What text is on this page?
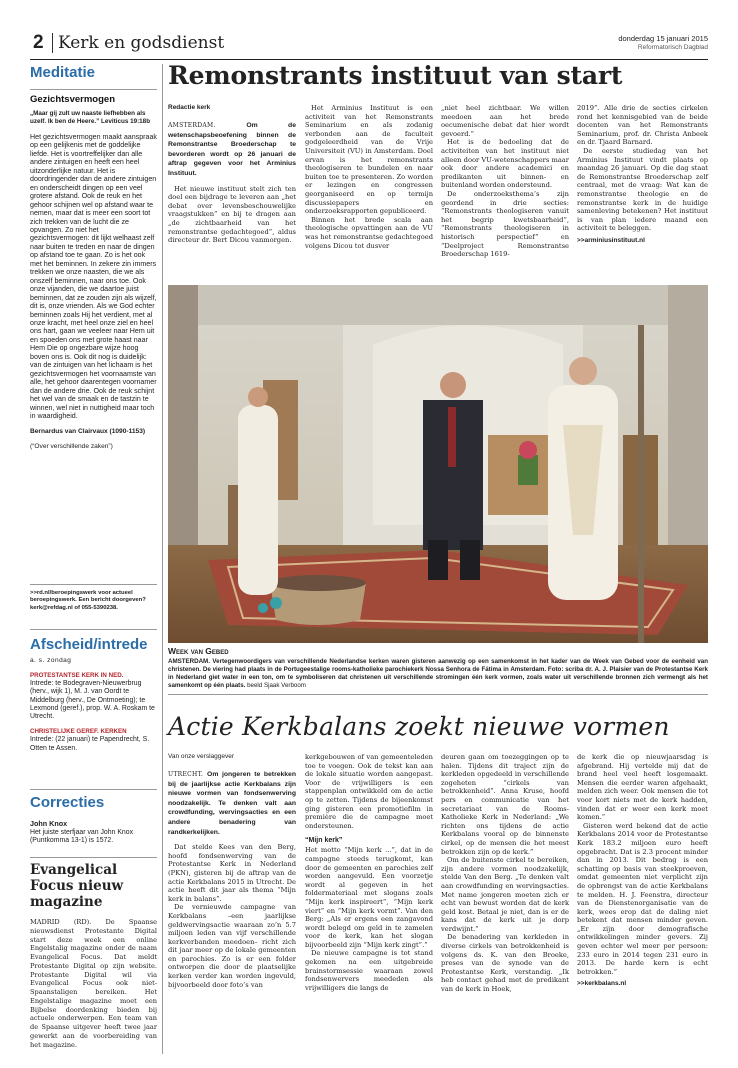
2 Kerk en godsdienst	donderdag 15 januari 2015
Reformatorisch Dagblad
Meditatie
Gezichtsvermogen
„Maar gij zult uw naaste liefhebben als uzelf. Ik ben de Heere.” Leviticus 19:18b
Het gezichtsvermogen maakt aanspraak op een gelijkenis met de goddelijke liefde. Het is voortreffelijker dan alle andere zintuigen en heeft een heel uitzonderlijke natuur. Het is doordringender dan de andere zintuigen en onderscheidt dingen op een veel grotere afstand. Ook de reuk en het gehoor schijnen wel op afstand waar te nemen, maar dat is meer een soort tot zich trekken van de lucht die ze opvangen. Zo niet het gezichtsvermogen: dit lijkt welhaast zelf naar buiten te treden en naar de dingen op afstand toe te gaan. Zo is het ook met het beminnen. In zekere zin immers trekken we onze naasten, die we als onszelf beminnen, naar ons toe. Ook onze vijanden, die we daartoe juist beminnen, dat ze zouden zijn als wijzelf, dit is, onze vrienden. Als we God echter beminnen zoals Hij het verdient, met al onze kracht, met heel onze ziel en heel ons hart, gaan we veeleer naar Hem uit en spoeden ons met grote haast naar Hem Die op ongezbare wijze hoog boven ons is. Ook dit nog is duidelijk: van de zintuigen van het lichaam is het gezichtsvermogen het voornaamste van alle, het gehoor daarentegen voornamer dan de andere drie. Ook de reuk schijnt het wel van de smaak en de tastzin te winnen, wel niet in nuttigheid maar toch in waardigheid.
Bernardus van Clairvaux (1090-1153)
(“Over verschillende zaken”)
>>rd.nl/beroepingswerk voor actueel beroepingswerk. Een bericht doorgeven? kerk@refdag.nl of 055-5390238.
Afscheid/intrede
a. s. zondag
PROTESTANTSE KERK IN NED.
Intrede: te Bodegraven-Nieuwerbrug (herv., wijk 1), M. J. van Oordt te Middelburg (herv., De Ontmoeting); te Lexmond (geref.), prop. W. A. Roskam te Utrecht.
CHRISTELIJKE GEREF. KERKEN
Intrede: (22 januari) te Papendrecht, S. Otten te Assen.
Correcties
John Knox
Het juiste sterfjaar van John Knox (Puntkomma 13-1) is 1572.
Evangelical Focus nieuw magazine
MADRID (RD). De Spaanse nieuwsdienst Protestante Digital start deze week een online Engelstalig magazine onder de naam Evangelical Focus. Dat meldt Protestante Digital op zijn website. Protestante Digital wil via Evangelical Focus ook niet-Spaanstaligen bereiken. Het Engelstalige magazine moet een Bijbelse doordenking bieden bij actuele onderwerpen. Een team van de Spaanse uitgever heeft twee jaar gewerkt aan de voorbereiding van het magazine.
Remonstrants instituut van start
Redactie kerk
AMSTERDAM.	Om de wetenschapsbeoefening binnen de Remonstrantse Broederschap te bevorderen wordt op 26 januari de aftrap gegeven voor het Arminius Instituut.
Het nieuwe instituut stelt zich ten doel een bijdrage te leveren aan „het debat over levensbeschouwelijke vraagstukken” en bij te dragen aan „de zichtbaarheid van het remonstrantse gedachtegoed”, aldus directeur dr. Bert Dicou vanmorgen.
Het Arminius Instituut is een activiteit van het Remonstrants Seminarium en als zodanig verbonden aan de faculteit godgeleerdheid van de Vrije Universiteit (VU) in Amsterdam. Doel ervan is het remonstrants theologiseren te bundelen en naar buiten toe te presenteren. Zo worden er lezingen en congressen georganiseerd en op termijn discussiepapers en onderzoeksrapporten gepubliceerd.
Binnen het brede scala aan theologische opvattingen aan de VU was het remonstrantse gedachtegoed volgens Dicou tot dusver
„niet heel zichtbaar. We willen meedoen aan het brede oecumenische debat dat hier wordt gevoerd.”
Het is de bedoeling dat de activiteiten van het instituut niet alleen door VU-wetenschappers maar ook door andere academici en predikanten uit binnen- en buitenland worden ondersteund.
De onderzoeksthema’s zijn geordend in drie secties: “Remonstrants theologiseren vanuit het begrip kwetsbaarheid”, “Remonstrants theologiseren in historisch perspectief” en “Deelproject Remonstrantse Broederschap 1619-
2019”. Alle drie de secties cirkelen rond het kennisgebied van de beide docenten van het Remonstrants Seminarium, prof. dr. Christa Anbeek en dr. Tjaard Barnard.
De eerste studiedag van het Arminius Instituut vindt plaats op maandag 26 januari. Op die dag staat de Remonstrantse Broederschap zelf centraal, met de vraag: Wat kan de remonstrantse theologie en de remonstrantse kerk in de huidige samenleving betekenen? Het instituut is van plan iedere maand een activiteit te beleggen.
>>arminiusinstituut.nl
Week van Gebed
AMSTERDAM. Vertegenwoordigers van verschillende Nederlandse kerken waren gisteren aanwezig op een samenkomst in het kader van de Week van Gebed voor de eenheid van christenen. De viering had plaats in de Portugeestalige rooms-katholieke parochiekerk Nossa Senhora de Fátima in Amsterdam. Foto: scriba dr. A. J. Plaisier van de Protestantse Kerk in Nederland giet water in een ton, om te symboliseren dat christenen uit verschillende stromingen één kerk vormen, zoals water uit verschillende bronnen zich vermengt als het samenkomt op één plaats. beeld Sjaak Verboom
Actie Kerkbalans zoekt nieuwe vormen
Van onze verslaggever
UTRECHT. Om jongeren te betrekken bij de jaarlijkse actie Kerkbalans zijn nieuwe vormen van fondsenwerving noodzakelijk. Te denken valt aan crowdfunding, wervingsacties en een andere benadering van randkerkelijken.
Dat stelde Kees van den Berg, hoofd fondsenwerving van de Protestantse Kerk in Nederland (PKN), gisteren bij de aftrap van de actie Kerkbalans 2015 in Utrecht. De actie heeft dit jaar als thema “Mijn kerk in balans”.
De vernieuwde campagne van Kerkbalans –een jaarlijkse geldwervingsactie waaraan zo’n 5.7 miljoen leden van vijf verschillende kerkverbanden meedoen– richt zich dit jaar meer op de lokale gemeenten en parochies. Zo is er een folder ontworpen die door de plaatselijke kerken verder kan worden ingevuld, bijvoorbeeld door foto’s van
kerkgebouwen of van gemeenteleden toe te voegen. Ook de tekst kan aan de lokale situatie worden aangepast. Voor de vrijwilligers is een stappenplan ontwikkeld om de actie op te zetten. Tijdens de bijeenkomst ging gisteren een promotiefilm in première die de campagne moet ondersteunen.
“Mijn kerk”
Het motto “Mijn kerk ...”, dat in de campagne steeds terugkomt, kan door de gemeenten en parochies zelf worden aangevuld. Een voorzetje wordt al gegeven in het foldermateriaal met slogans zoals “Mijn kerk inspireert”, “Mijn kerk viert” en “Mijn kerk vormt”. Van den Berg: „Als er ergens een zangavond wordt belegd om geld in te zamelen voor de kerk, kan het slogan bijvoorbeeld zijn “Mijn kerk zingt”.”
De nieuwe campagne is tot stand gekomen na een uitgebreide brainstormsessie waaraan zowel fondsenwervers meededen als vrijwilligers die langs de
deuren gaan om toezeggingen op te halen. Tijdens dit traject zijn de kerkleden opgedeeld in verschillende zogeheten “cirkels van betrokkenheid”. Anna Kruse, hoofd pers en communicatie van het secretariaat van de Rooms-Katholieke Kerk in Nederland: „We richten ons tijdens de actie Kerkbalans vooral op de binnenste cirkel, op de mensen die het meest betrokken zijn op de kerk.”
Om de buitenste cirkel te bereiken, zijn andere vormen noodzakelijk, stelde Van den Berg. „Te denken valt aan crowdfunding en wervingsacties. Met name jongeren moeten zich er echt van bewust worden dat de kerk geld kost. Betaal je niet, dan is er de kans dat de kerk uit je dorp verdwijnt.”
De benadering van kerkleden in diverse cirkels van betrokkenheid is volgens ds. K. van den Broeke, preses van de synode van de Protestantse Kerk, verstandig. „Ik heb contact gehad met de predikant van de kerk in Hoek,
de kerk die op nieuwjaarsdag is afgebrand. Hij vertelde mij dat de brand heel veel heeft losgemaakt. Mensen die eerder waren afgehaakt, melden zich weer. Ook mensen die tot voor kort niets met de kerk hadden, vinden dat er weer een kerk moet komen.”
Gisteren werd bekend dat de actie Kerkbalans 2014 voor de Protestantse Kerk 183.2 miljoen euro heeft opgebracht. Dat is 2.3 procent minder dan in 2013. Dit bedrag is een schatting op basis van steekproeven, omdat gemeenten niet verplicht zijn de opbrengst van de actie Kerkbalans te melden. H. J. Feenstra, directeur van de Dienstenorganisatie van de kerk, wees erop dat de daling niet betekent dat mensen minder geven. „Er zijn door demografische ontwikkelingen minder gevers. Zij geven echter wel meer per persoon: 233 euro in 2014 tegen 231 euro in 2013. De harde kern is echt betrokken.”
>>kerkbalans.nl
